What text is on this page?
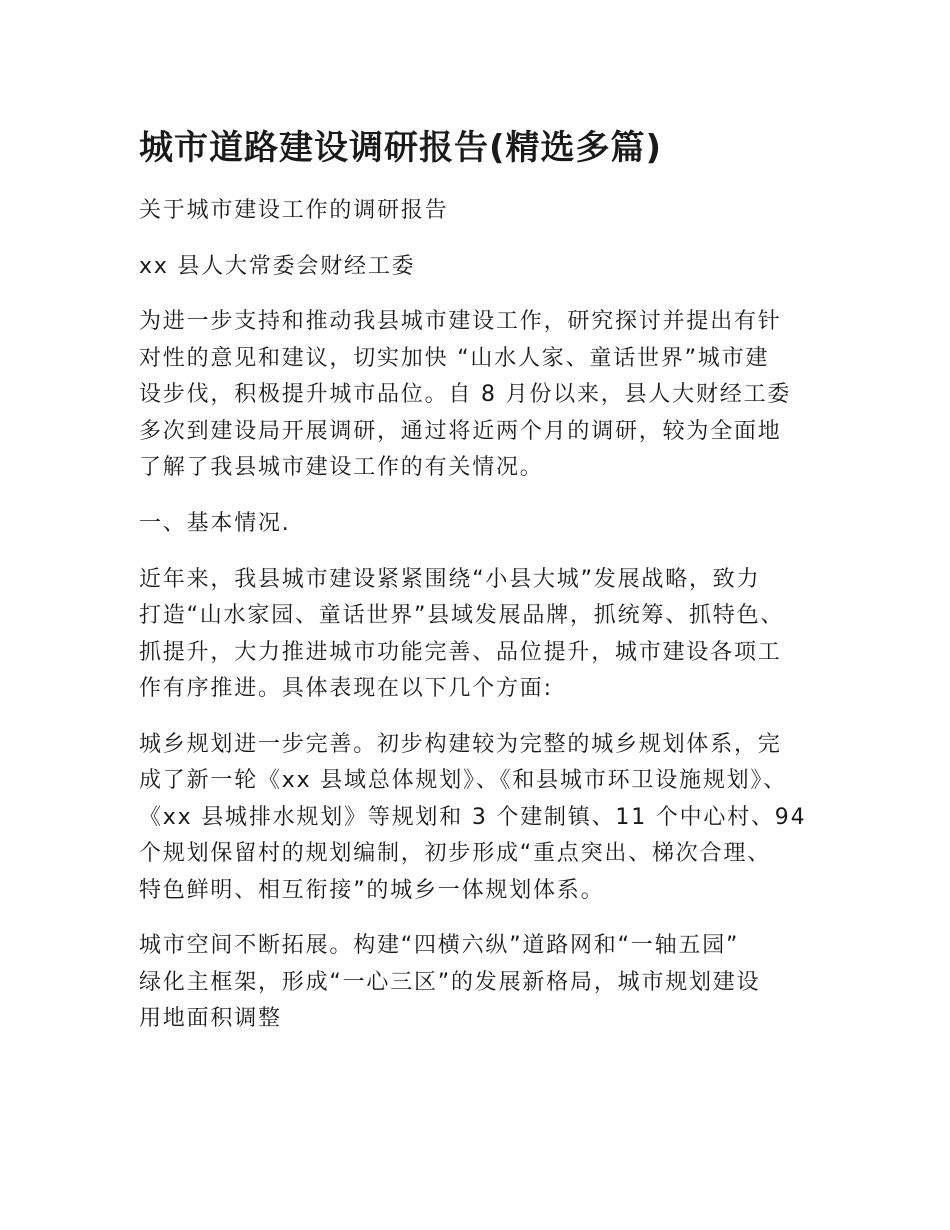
城市道路建设调研报告(精选多篇)

关于城市建设工作的调研报告

xx 县人大常委会财经工委

为进一步支持和推动我县城市建设工作，研究探讨并提出有针

对性的意见和建议，切实加快 “山水人家、童话世界”城市建

设步伐，积极提升城市品位。自 8 月份以来，县人大财经工委

多次到建设局开展调研，通过将近两个月的调研，较为全面地

了解了我县城市建设工作的有关情况。

一、基本情况.

近年来，我县城市建设紧紧围绕“小县大城”发展战略，致力

打造“山水家园、童话世界”县域发展品牌，抓统筹、抓特色、

抓提升，大力推进城市功能完善、品位提升，城市建设各项工

作有序推进。具体表现在以下几个方面:

城乡规划进一步完善。初步构建较为完整的城乡规划体系，完

成了新一轮《xx 县域总体规划》、《和县城市环卫设施规划》、

《xx 县城排水规划》等规划和 3 个建制镇、11 个中心村、94

个规划保留村的规划编制，初步形成“重点突出、梯次合理、

特色鲜明、相互衔接”的城乡一体规划体系。

城市空间不断拓展。构建“四横六纵”道路网和“一轴五园”

绿化主框架，形成“一心三区”的发展新格局，城市规划建设

用地面积调整
